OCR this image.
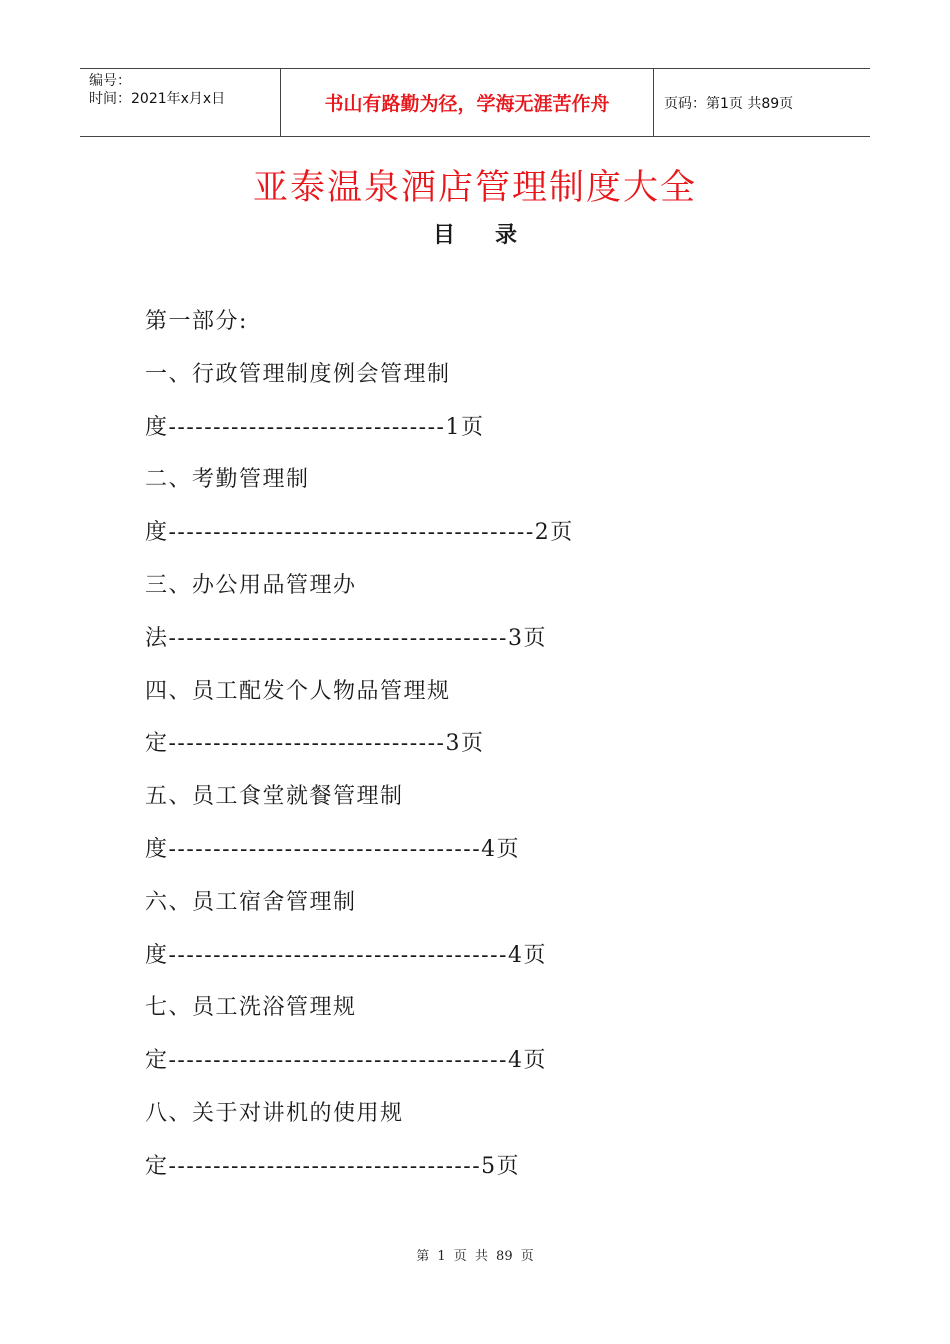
编号：
时间：2021年x月x日	书山有路勤为径，学海无涯苦作舟	页码：第1页 共89页
亚泰温泉酒店管理制度大全
目录
第一部分:
一、行政管理制度例会管理制
度-------------------------------1页
二、考勤管理制
度-----------------------------------------2页
三、办公用品管理办
法--------------------------------------3页
四、员工配发个人物品管理规
定-------------------------------3页
五、员工食堂就餐管理制
度-----------------------------------4页
六、员工宿舍管理制
度--------------------------------------4页
七、员工洗浴管理规
定--------------------------------------4页
八、关于对讲机的使用规
定-----------------------------------5页
第 1 页 共 89 页
